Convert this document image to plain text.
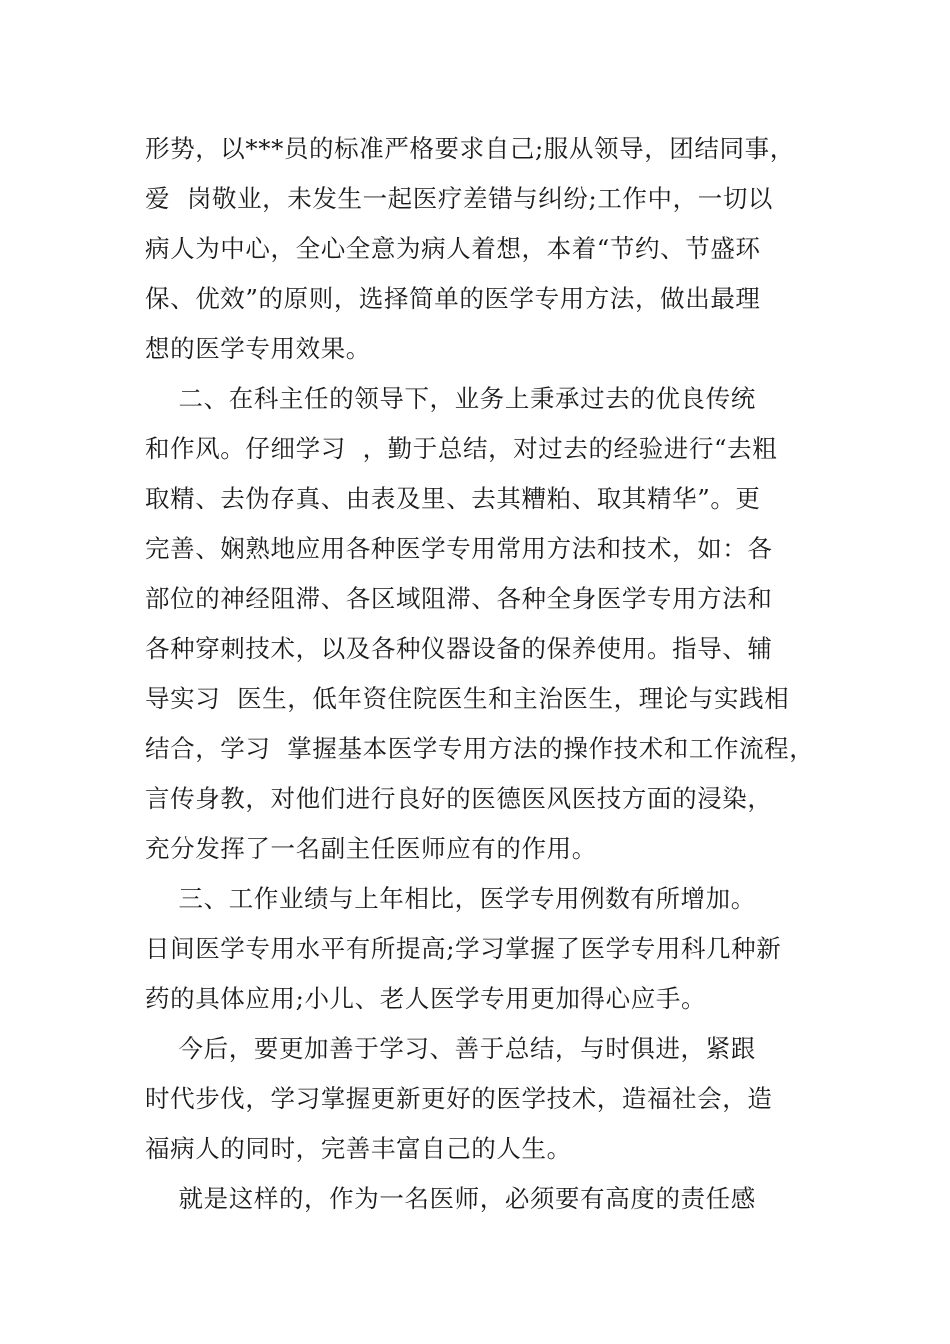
形势，以***员的标准严格要求自己;服从领导，团结同事，
爱  岗敬业，未发生一起医疗差错与纠纷;工作中，一切以
病人为中心，全心全意为病人着想，本着“节约、节盛环
保、优效”的原则，选择简单的医学专用方法，做出最理
想的医学专用效果。
二、在科主任的领导下，业务上秉承过去的优良传统
和作风。仔细学习  ，勤于总结，对过去的经验进行“去粗
取精、去伪存真、由表及里、去其糟粕、取其精华”。更
完善、娴熟地应用各种医学专用常用方法和技术，如：各
部位的神经阻滞、各区域阻滞、各种全身医学专用方法和
各种穿刺技术，以及各种仪器设备的保养使用。指导、辅
导实习  医生，低年资住院医生和主治医生，理论与实践相
结合，学习  掌握基本医学专用方法的操作技术和工作流程，
言传身教，对他们进行良好的医德医风医技方面的浸染，
充分发挥了一名副主任医师应有的作用。
三、工作业绩与上年相比，医学专用例数有所增加。
日间医学专用水平有所提高;学习掌握了医学专用科几种新
药的具体应用;小儿、老人医学专用更加得心应手。
今后，要更加善于学习、善于总结，与时俱进，紧跟
时代步伐，学习掌握更新更好的医学技术，造福社会，造
福病人的同时，完善丰富自己的人生。
就是这样的，作为一名医师，必须要有高度的责任感
